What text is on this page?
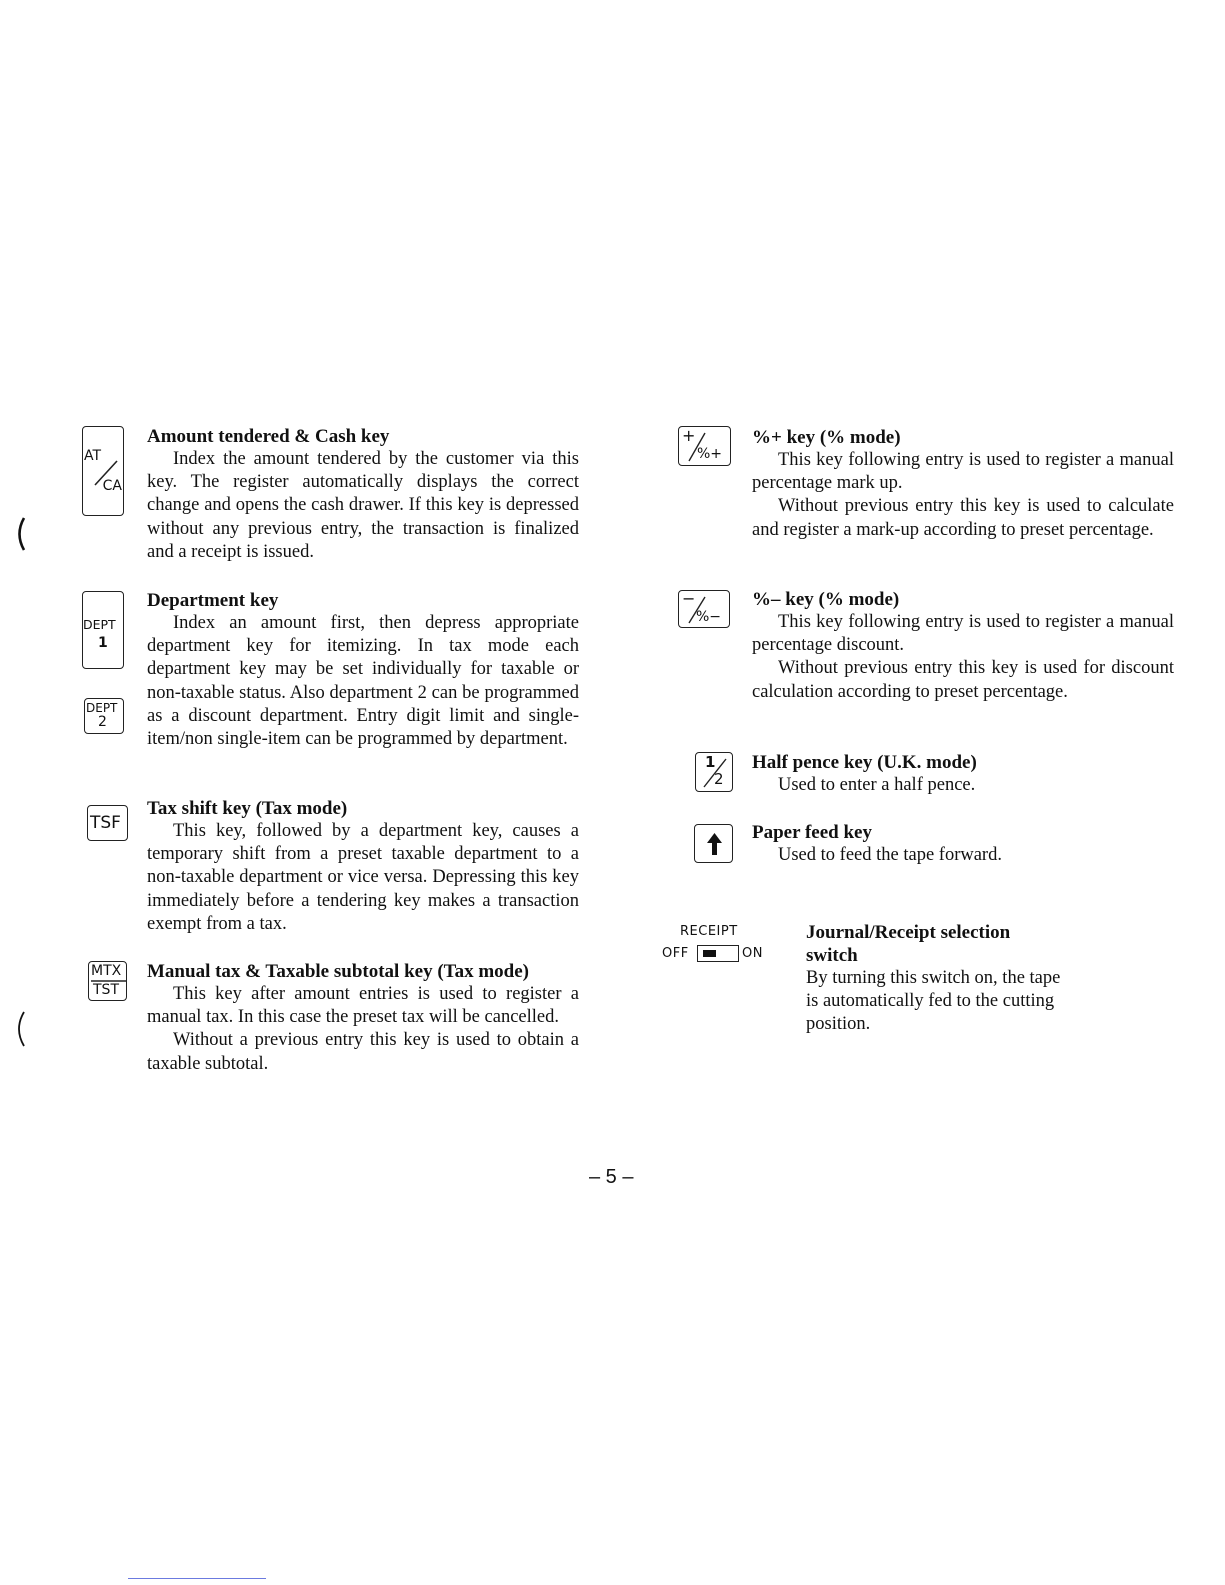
AT
CA
Amount tendered & Cash key
Index the amount tendered by the customer via this key. The register automatically displays the correct change and opens the cash drawer. If this key is depressed without any previous entry, the transaction is finalized and a receipt is issued.
DEPT
1
DEPT
2
Department key
Index an amount first, then depress appropriate department key for itemizing. In tax mode each department key may be set individually for taxable or non-taxable status. Also department 2 can be programmed as a discount department. Entry digit limit and single-item/non single-item can be programmed by department.
TSF
Tax shift key (Tax mode)
This key, followed by a department key, causes a temporary shift from a preset taxable department to a non-taxable department or vice versa. Depressing this key immediately before a tendering key makes a transaction exempt from a tax.
MTX
TST
Manual tax & Taxable subtotal key (Tax mode)
This key after amount entries is used to register a manual tax. In this case the preset tax will be cancelled.
Without a previous entry this key is used to obtain a taxable subtotal.
+
%+
%+ key (% mode)
This key following entry is used to register a manual percentage mark up.
Without previous entry this key is used to calculate and register a mark-up according to preset percentage.
−
%−
%– key (% mode)
This key following entry is used to register a manual percentage discount.
Without previous entry this key is used for discount calculation according to preset percentage.
1
2
Half pence key (U.K. mode)
Used to enter a half pence.
Paper feed key
Used to feed the tape forward.
RECEIPT
OFF	ON
Journal/Receipt selection
switch
By turning this switch on, the tape is automatically fed to the cutting position.
– 5 –
